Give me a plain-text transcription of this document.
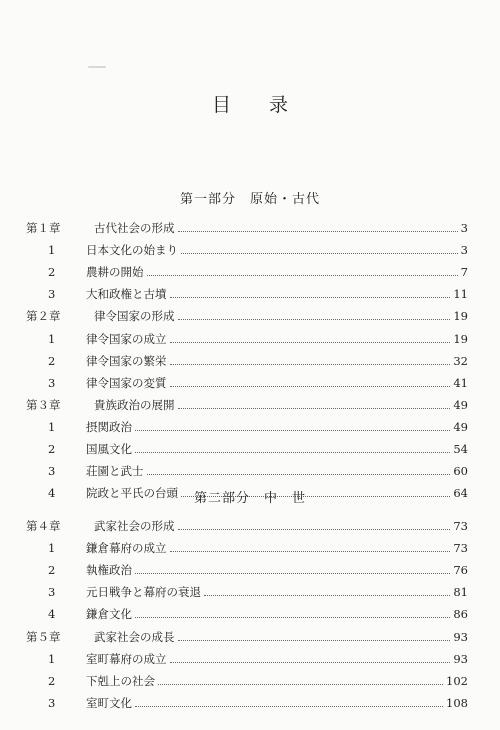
目 录
第一部分　原始・古代
第１章	古代社会の形成	3
1	日本文化の始まり	3
2	農耕の開始	7
3	大和政権と古墳	11
第２章	律令国家の形成	19
1	律令国家の成立	19
2	律令国家の繁栄	32
3	律令国家の変質	41
第３章	貴族政治の展開	49
1	摂関政治	49
2	国風文化	54
3	荘園と武士	60
4	院政と平氏の台頭	64
第二部分　中　世
第４章	武家社会の形成	73
1	鎌倉幕府の成立	73
2	執権政治	76
3	元日戦争と幕府の衰退	81
4	鎌倉文化	86
第５章	武家社会の成長	93
1	室町幕府の成立	93
2	下剋上の社会	102
3	室町文化	108
